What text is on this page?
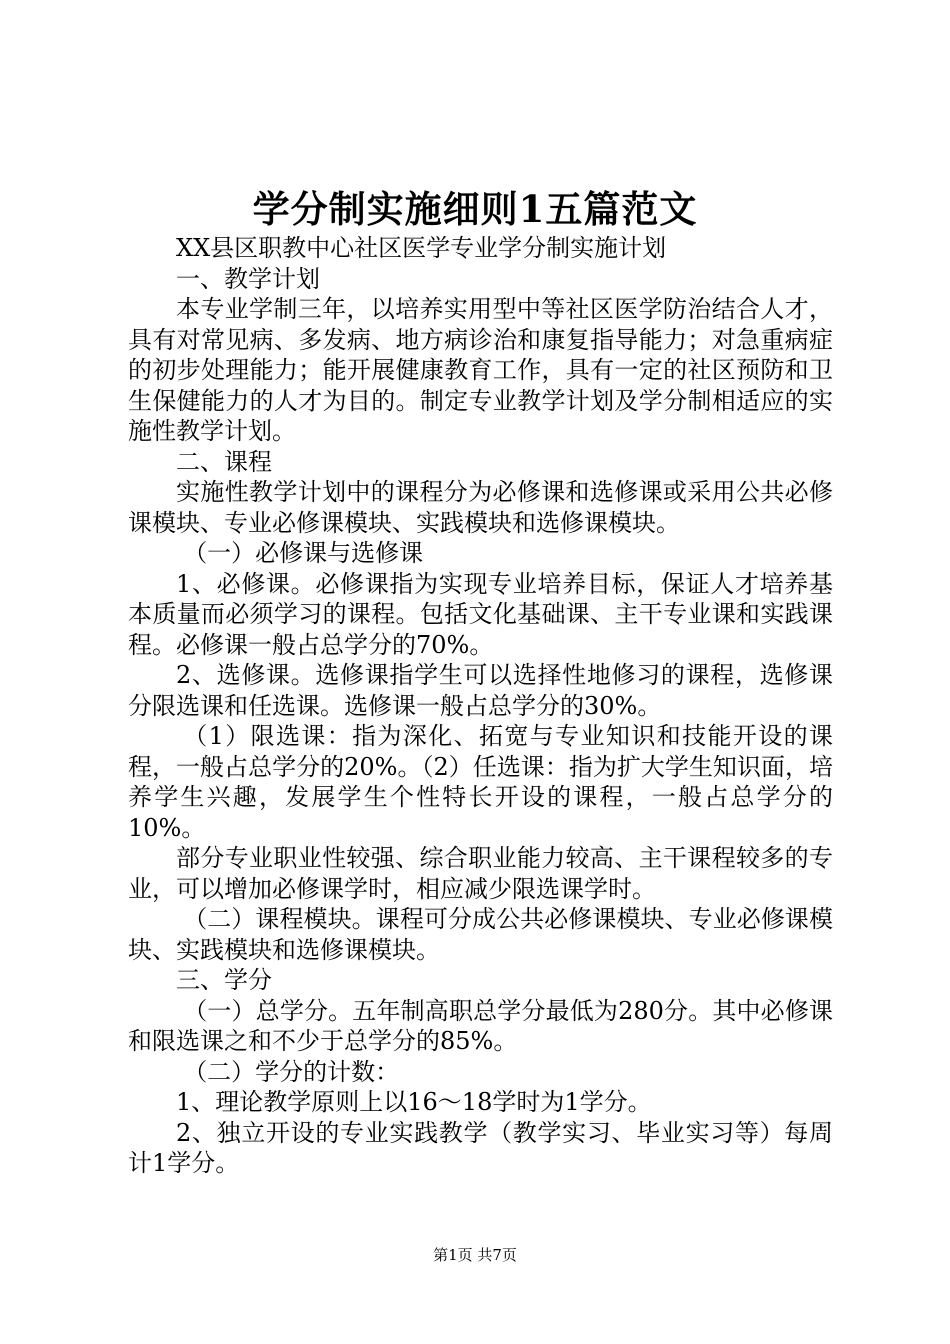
学分制实施细则1五篇范文

XX县区职教中心社区医学专业学分制实施计划

一、教学计划

本专业学制三年，以培养实用型中等社区医学防治结合人才，具有对常见病、多发病、地方病诊治和康复指导能力；对急重病症的初步处理能力；能开展健康教育工作，具有一定的社区预防和卫生保健能力的人才为目的。制定专业教学计划及学分制相适应的实施性教学计划。

二、课程

实施性教学计划中的课程分为必修课和选修课或采用公共必修课模块、专业必修课模块、实践模块和选修课模块。

（一）必修课与选修课

1、必修课。必修课指为实现专业培养目标，保证人才培养基本质量而必须学习的课程。包括文化基础课、主干专业课和实践课程。必修课一般占总学分的70%。

2、选修课。选修课指学生可以选择性地修习的课程，选修课分限选课和任选课。选修课一般占总学分的30%。

（1）限选课：指为深化、拓宽与专业知识和技能开设的课程，一般占总学分的20%。（2）任选课：指为扩大学生知识面，培养学生兴趣，发展学生个性特长开设的课程，一般占总学分的10%。

部分专业职业性较强、综合职业能力较高、主干课程较多的专业，可以增加必修课学时，相应减少限选课学时。

（二）课程模块。课程可分成公共必修课模块、专业必修课模块、实践模块和选修课模块。

三、学分

（一）总学分。五年制高职总学分最低为280分。其中必修课和限选课之和不少于总学分的85%。

（二）学分的计数：

1、理论教学原则上以16～18学时为1学分。

2、独立开设的专业实践教学（教学实习、毕业实习等）每周计1学分。

第1页 共7页
